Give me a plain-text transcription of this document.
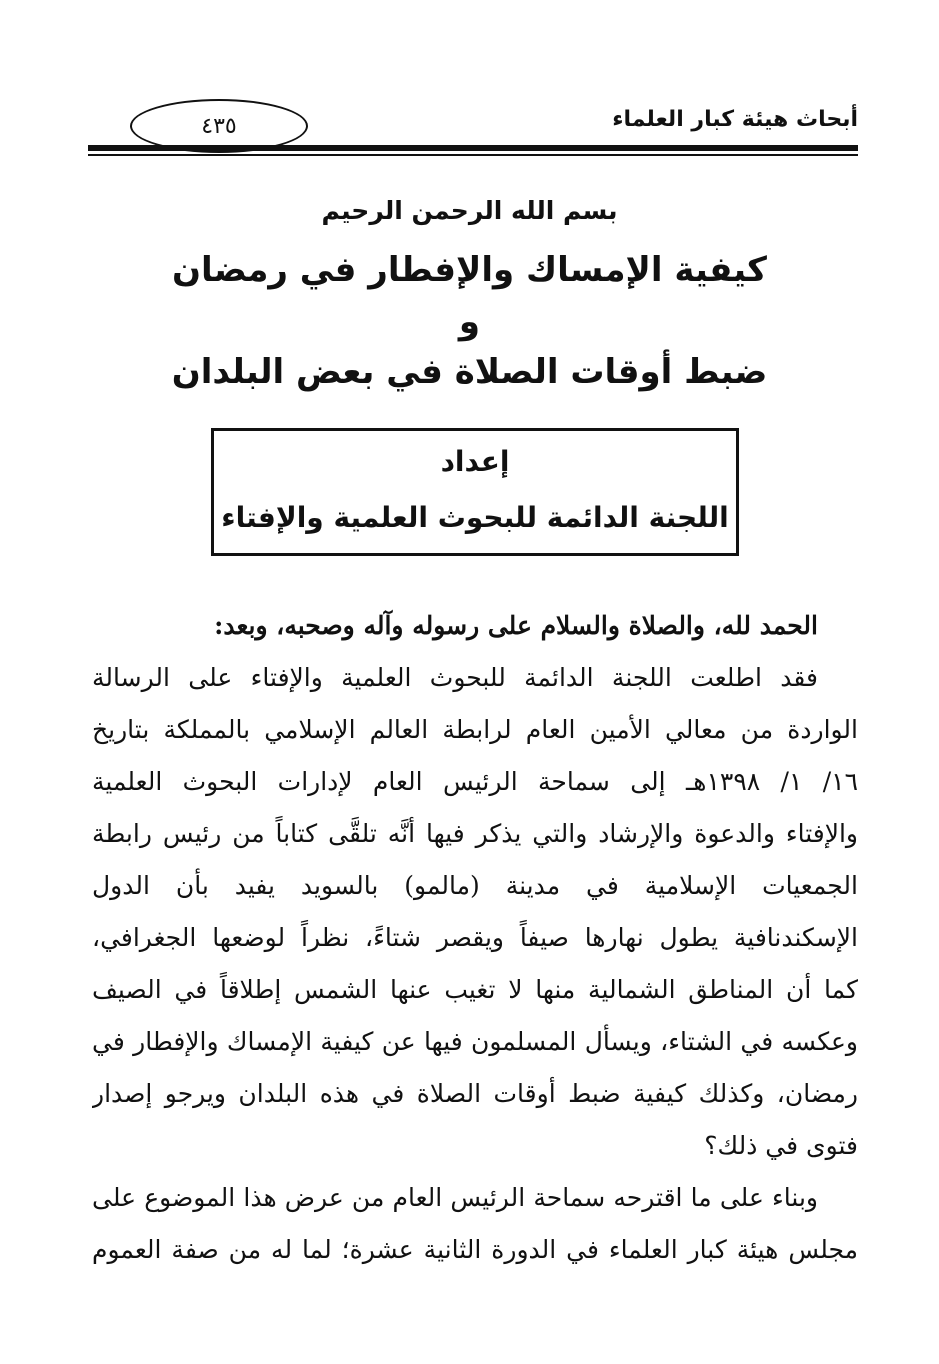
أبحاث هيئة كبار العلماء
٤٣٥
بسم الله الرحمن الرحيم
كيفية الإمساك والإفطار في رمضان
و
ضبط أوقات الصلاة في بعض البلدان
إعداد
اللجنة الدائمة للبحوث العلمية والإفتاء
الحمد لله، والصلاة والسلام على رسوله وآله وصحبه، وبعد:
فقد اطلعت اللجنة الدائمة للبحوث العلمية والإفتاء على الرسالة
الواردة من معالي الأمين العام لرابطة العالم الإسلامي بالمملكة بتاريخ
١٦/ ١/ ١٣٩٨هـ إلى سماحة الرئيس العام لإدارات البحوث العلمية
والإفتاء والدعوة والإرشاد والتي يذكر فيها أنَّه تلقَّى كتاباً من رئيس رابطة
الجمعيات الإسلامية في مدينة (مالمو) بالسويد يفيد بأن الدول
الإسكندنافية يطول نهارها صيفاً ويقصر شتاءً، نظراً لوضعها الجغرافي،
كما أن المناطق الشمالية منها لا تغيب عنها الشمس إطلاقاً في الصيف
وعكسه في الشتاء، ويسأل المسلمون فيها عن كيفية الإمساك والإفطار في
رمضان، وكذلك كيفية ضبط أوقات الصلاة في هذه البلدان ويرجو إصدار
فتوى في ذلك؟
وبناء على ما اقترحه سماحة الرئيس العام من عرض هذا الموضوع على
مجلس هيئة كبار العلماء في الدورة الثانية عشرة؛ لما له من صفة العموم
